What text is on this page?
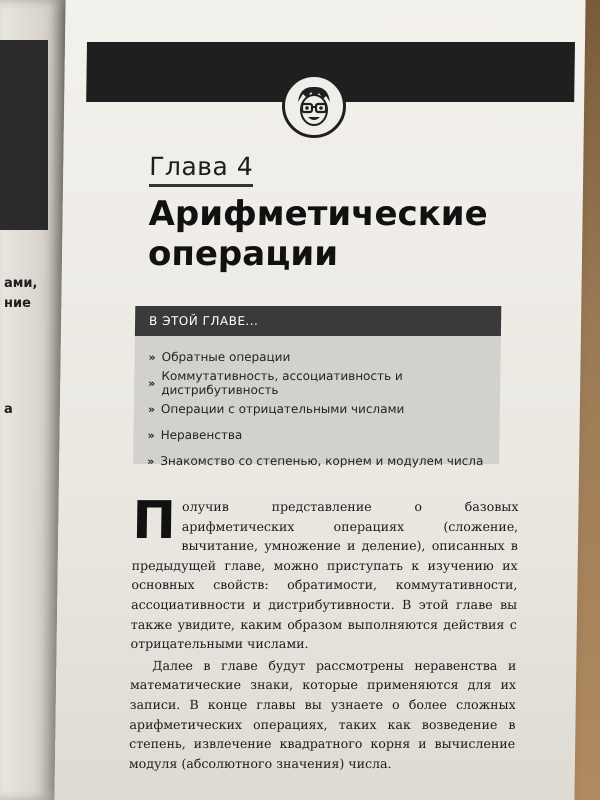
ами,
ние
а
Глава 4
Арифметические операции
В ЭТОЙ ГЛАВЕ...
» Обратные операции
» Коммутативность, ассоциативность и дистрибутивность
» Операции с отрицательными числами
» Неравенства
» Знакомство со степенью, корнем и модулем числа

Получив представление о базовых арифметических операциях (сложение, вычитание, умножение и деление), описанных в предыдущей главе, можно приступать к изучению их основных свойств: обратимости, коммутативности, ассоциативности и дистрибутивности. В этой главе вы также увидите, каким образом выполняются действия с отрицательными числами.

Далее в главе будут рассмотрены неравенства и математические знаки, которые применяются для их записи. В конце главы вы узнаете о более сложных арифметических операциях, таких как возведение в степень, извлечение квадратного корня и вычисление модуля (абсолютного значения) числа.
